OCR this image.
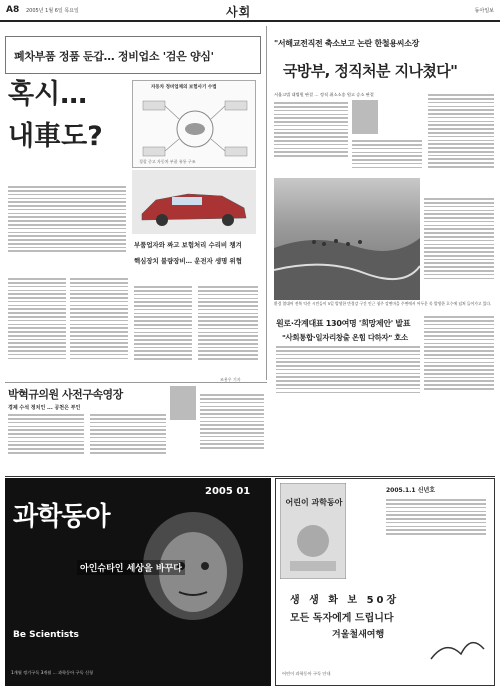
A8 2005년 1월 6일 목요일	사회	동아일보
폐차부품 정품 둔갑… 정비업소 '검은 양심'
혹시…
내車도?
자동차 정비업체의 보험사기 수법
경찰 중고 자동차 부품 유통 구조
부품업자와 짜고 보험처리 수리비 챙겨
핵심장치 불량장비… 운전자 생명 위협
조용우 기자
"서해교전직전 축소보고 논란 한철용씨소장
국방부, 정직처분 지나쳤다"
서울고법 대법원 판결 … 정직 취소소송 원고 승소 판결
환경 열대어 전북 익산 시민들이 5일 발생한 만경강 구간 인근 청주 강변마을 주변에서 어두운 목 발생한 호수에 넘쳐 들어가고 있다.
원로·각계대표 130여명 '희망제안' 발표
"사회통합·일자리창출 온힘 다하자" 호소
박혁규의원 사전구속영장
경제 수석 정치인 ... 공천은 부인
과학동아
2005 01
아인슈타인 세상을 바꾸다
Be Scientists
1개월 정기구독 3개월 ... 과학동아 구독 신청
어린이 과학동아
2005.1.1 신년호
생 생 화 보 50장
모든 독자에게 드립니다
겨울철새여행
어린이 과학동아 구독 안내
